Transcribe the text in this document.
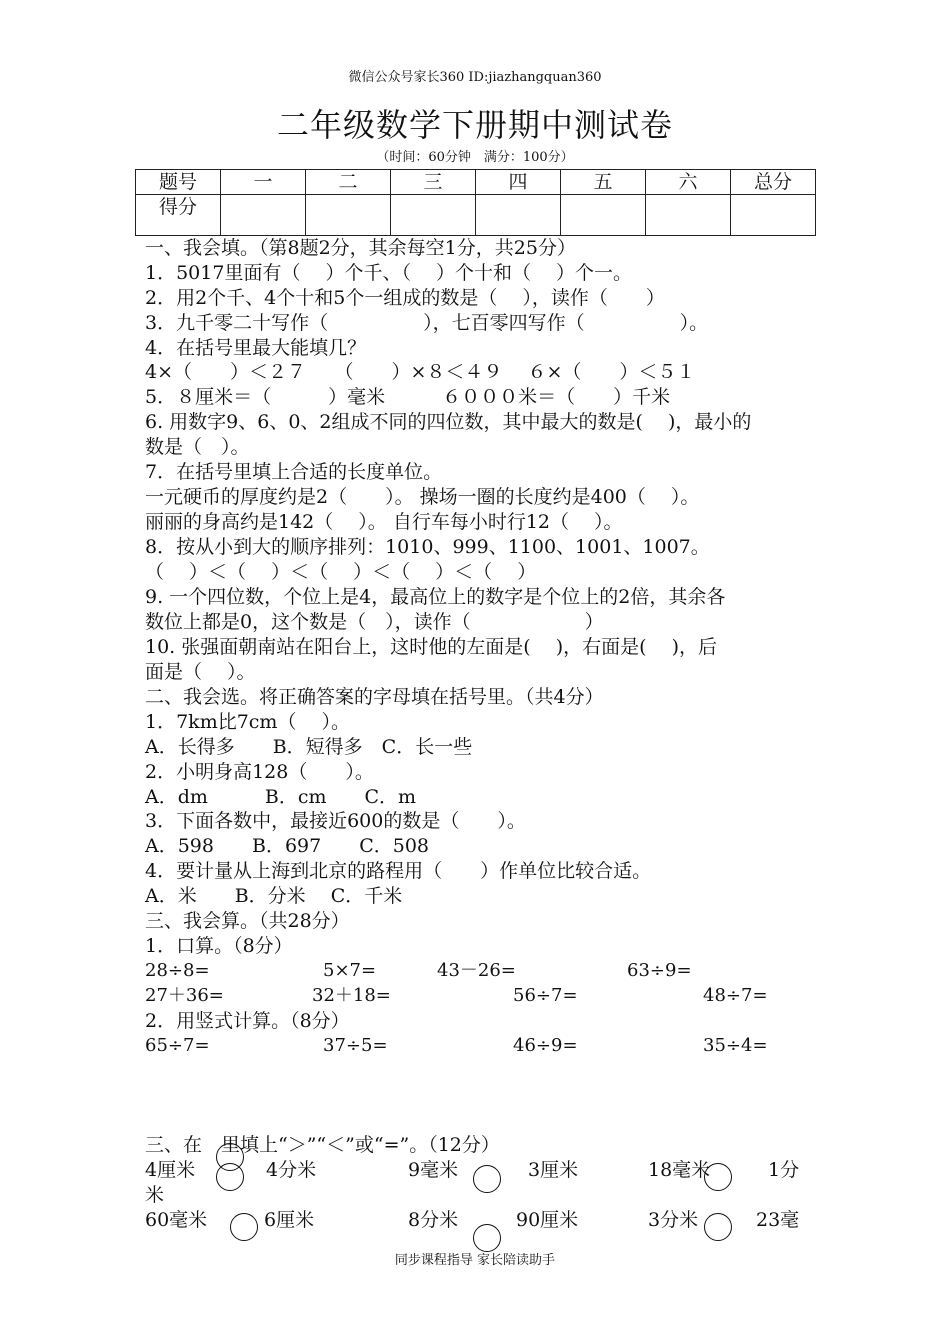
微信公众号家长360 ID:jiazhangquan360
二年级数学下册期中测试卷
（时间：60分钟　满分：100分）
题号	一	二	三	四	五	六	总分
得分							
一、我会填。（第8题2分，其余每空1分，共25分）
1．5017里面有（　 ）个千、（　 ）个十和（　 ）个一。
2．用2个千、4个十和5个一组成的数是（　 ），读作（　　）
3．九千零二十写作（　　　　　），七百零四写作（　　　　　）。
4．在括号里最大能填几？
4×（　　）＜２７　　（　　）×８＜４９　 ６×（　　）＜５１
5．８厘米＝（　　　）毫米　　　６０００米＝（　　）千米
6. 用数字9、6、0、2组成不同的四位数，其中最大的数是(　 )，最小的
数是（　）。
7．在括号里填上合适的长度单位。
一元硬币的厚度约是2（　　）。 操场一圈的长度约是400（　 ）。
丽丽的身高约是142（　 ）。 自行车每小时行12（　 ）。
8．按从小到大的顺序排列：1010、999、1100、1001、1007。
（　 ）＜（　 ）＜（　 ）＜（　 ）＜（　 ）
9. 一个四位数，个位上是4，最高位上的数字是个位上的2倍，其余各
数位上都是0，这个数是（　），读作（　　　　　　）
10. 张强面朝南站在阳台上，这时他的左面是(　 )，右面是(　 )，后
面是（　 ）。
二、我会选。将正确答案的字母填在括号里。（共4分）
1．7km比7cm（　 ）。
A．长得多　　B．短得多　C．长一些
2．小明身高128（　　）。
A．dm　　　B．cm　　C．m
3．下面各数中，最接近600的数是（　　）。
A．598　　B．697　　C．508
4．要计量从上海到北京的路程用（　　）作单位比较合适。
A．米　　B．分米　 C．千米
三、我会算。（共28分）
1．口算。（8分）
28÷8=	5×7=	43－26=	63÷9=
27＋36=	32＋18=	56÷7=	48÷7=
2．用竖式计算。（8分）
65÷7=	37÷5=	46÷9=	35÷4=
三、在　里填上“＞”“＜”或“=”。（12分）
4厘米	4分米	9毫米	3厘米	18毫米	1分
米
60毫米	6厘米	8分米	90厘米	3分米	23毫
同步课程指导 家长陪读助手
